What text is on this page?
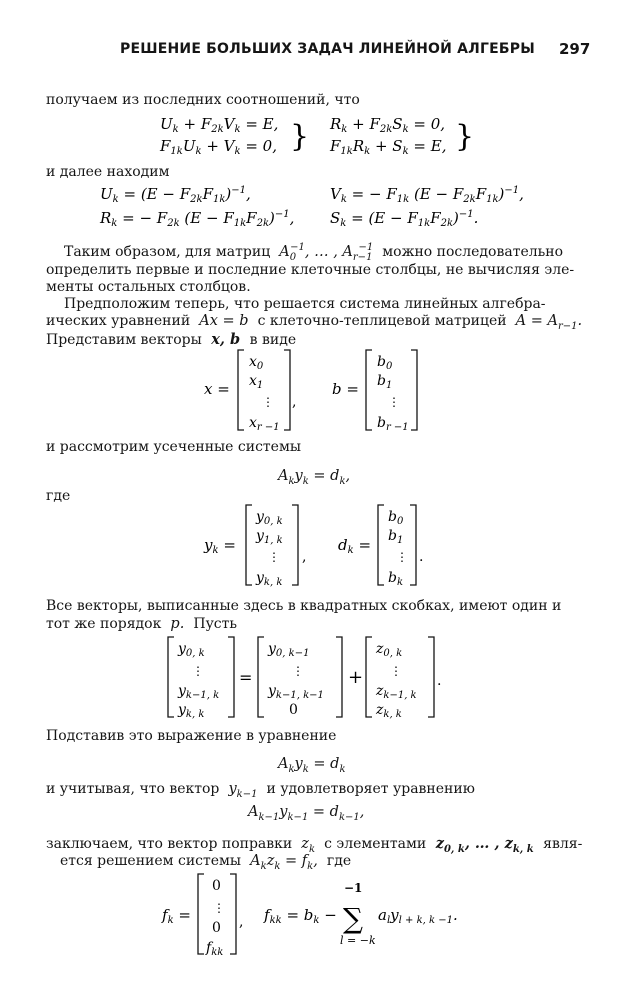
РЕШЕНИЕ БОЛЬШИХ ЗАДАЧ ЛИНЕЙНОЙ АЛГЕБРЫ 297
получаем из последних соотношений, что
$U_k + F_{2k}V_k = E$,
$F_{1k}U_k + V_k = 0$, } $R_k + F_{2k}S_k = 0$,
$F_{1k}R_k + S_k = E$, }
и далее находим
$U_k = (E - F_{2k}F_{1k})^{-1}$,
$R_k$ = − $F_{2k}$ $(E - F_{1k}F_{2k})^{-1}$,
$V_k$ = − $F_{1k}$ $(E - F_{2k}F_{1k})^{-1}$,
$S_k = (E - F_{1k}F_{2k})^{-1}$.
Таким образом, для матриц  $A_0^{-1}$, … , $A_{r-1}^{-1}$ можно последовательно
определить первые и последние клеточные столбцы, не вычисляя эле-
менты остальных столбцов.
Предположим теперь, что решается система линейных алгебра-
ических уравнений  Ax = b  с клеточно-теплицевой матрицей  $A = A_{r-1}$.
Представим векторы  x, b  в виде
x =
$x_0$
$x_1$
⋮
$x_{r -1}$
,
b =
$b_0$
$b_1$
⋮
$b_{r -1}$
и рассмотрим усеченные системы
$A_ky_k = d_k$,
где
$y_k$ =
$y_{0, k}$
$y_{1, k}$
⋮
$y_{k, k}$
,
$d_k$ =
$b_0$
$b_1$
⋮
$b_k$
.
Все векторы, выписанные здесь в квадратных скобках, имеют один и
тот же порядок  p.  Пусть
$y_{0, k}$
⋮
$y_{k-1, k}$
$y_{k, k}$
=
$y_{0, k-1}$
⋮
$y_{k-1, k-1}$
0
+
$z_{0, k}$
⋮
$z_{k-1, k}$
$z_{k, k}$
.
Подставив это выражение в уравнение
$A_ky_k = d_k$
и учитывая, что вектор  $y_{k-1}$ и удовлетворяет уравнению
$A_{k-1}y_{k-1} = d_{k-1}$,
заключаем, что вектор поправки  $z_k$ с элементами  $z_{0, k}$, … , $z_{k, k}$ явля-
ется решением системы  $A_kz_k = f_k$,  где
$f_k$ =
0
⋮
0
$f_{kk}$
, $f_{kk} = b_k$ −
−1
∑
l = −k
$a_ly_{l + k, k -1}$.
